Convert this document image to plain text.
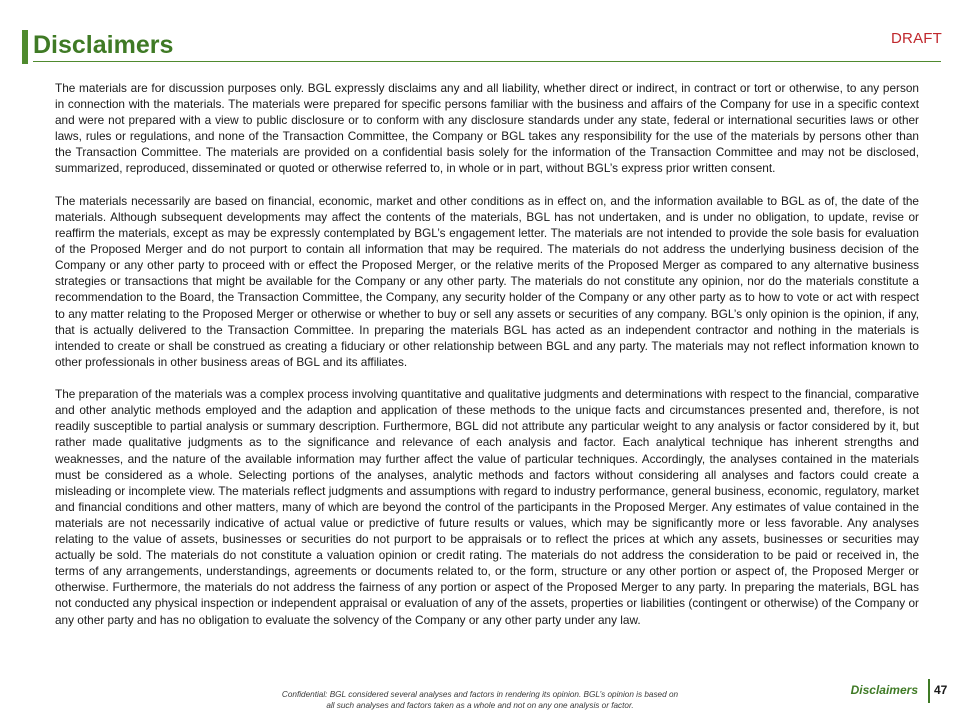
Disclaimers	DRAFT

The materials are for discussion purposes only. BGL expressly disclaims any and all liability, whether direct or indirect, in contract or tort or otherwise, to any person in connection with the materials. The materials were prepared for specific persons familiar with the business and affairs of the Company for use in a specific context and were not prepared with a view to public disclosure or to conform with any disclosure standards under any state, federal or international securities laws or other laws, rules or regulations, and none of the Transaction Committee, the Company or BGL takes any responsibility for the use of the materials by persons other than the Transaction Committee. The materials are provided on a confidential basis solely for the information of the Transaction Committee and may not be disclosed, summarized, reproduced, disseminated or quoted or otherwise referred to, in whole or in part, without BGL’s express prior written consent.

The materials necessarily are based on financial, economic, market and other conditions as in effect on, and the information available to BGL as of, the date of the materials. Although subsequent developments may affect the contents of the materials, BGL has not undertaken, and is under no obligation, to update, revise or reaffirm the materials, except as may be expressly contemplated by BGL’s engagement letter. The materials are not intended to provide the sole basis for evaluation of the Proposed Merger and do not purport to contain all information that may be required. The materials do not address the underlying business decision of the Company or any other party to proceed with or effect the Proposed Merger, or the relative merits of the Proposed Merger as compared to any alternative business strategies or transactions that might be available for the Company or any other party. The materials do not constitute any opinion, nor do the materials constitute a recommendation to the Board, the Transaction Committee, the Company, any security holder of the Company or any other party as to how to vote or act with respect to any matter relating to the Proposed Merger or otherwise or whether to buy or sell any assets or securities of any company. BGL’s only opinion is the opinion, if any, that is actually delivered to the Transaction Committee. In preparing the materials BGL has acted as an independent contractor and nothing in the materials is intended to create or shall be construed as creating a fiduciary or other relationship between BGL and any party. The materials may not reflect information known to other professionals in other business areas of BGL and its affiliates.

The preparation of the materials was a complex process involving quantitative and qualitative judgments and determinations with respect to the financial, comparative and other analytic methods employed and the adaption and application of these methods to the unique facts and circumstances presented and, therefore, is not readily susceptible to partial analysis or summary description. Furthermore, BGL did not attribute any particular weight to any analysis or factor considered by it, but rather made qualitative judgments as to the significance and relevance of each analysis and factor. Each analytical technique has inherent strengths and weaknesses, and the nature of the available information may further affect the value of particular techniques. Accordingly, the analyses contained in the materials must be considered as a whole. Selecting portions of the analyses, analytic methods and factors without considering all analyses and factors could create a misleading or incomplete view. The materials reflect judgments and assumptions with regard to industry performance, general business, economic, regulatory, market and financial conditions and other matters, many of which are beyond the control of the participants in the Proposed Merger. Any estimates of value contained in the materials are not necessarily indicative of actual value or predictive of future results or values, which may be significantly more or less favorable. Any analyses relating to the value of assets, businesses or securities do not purport to be appraisals or to reflect the prices at which any assets, businesses or securities may actually be sold. The materials do not constitute a valuation opinion or credit rating. The materials do not address the consideration to be paid or received in, the terms of any arrangements, understandings, agreements or documents related to, or the form, structure or any other portion or aspect of, the Proposed Merger or otherwise. Furthermore, the materials do not address the fairness of any portion or aspect of the Proposed Merger to any party. In preparing the materials, BGL has not conducted any physical inspection or independent appraisal or evaluation of any of the assets, properties or liabilities (contingent or otherwise) of the Company or any other party and has no obligation to evaluate the solvency of the Company or any other party under any law.

Confidential: BGL considered several analyses and factors in rendering its opinion. BGL’s opinion is based on all such analyses and factors taken as a whole and not on any one analysis or factor.
Disclaimers 47
